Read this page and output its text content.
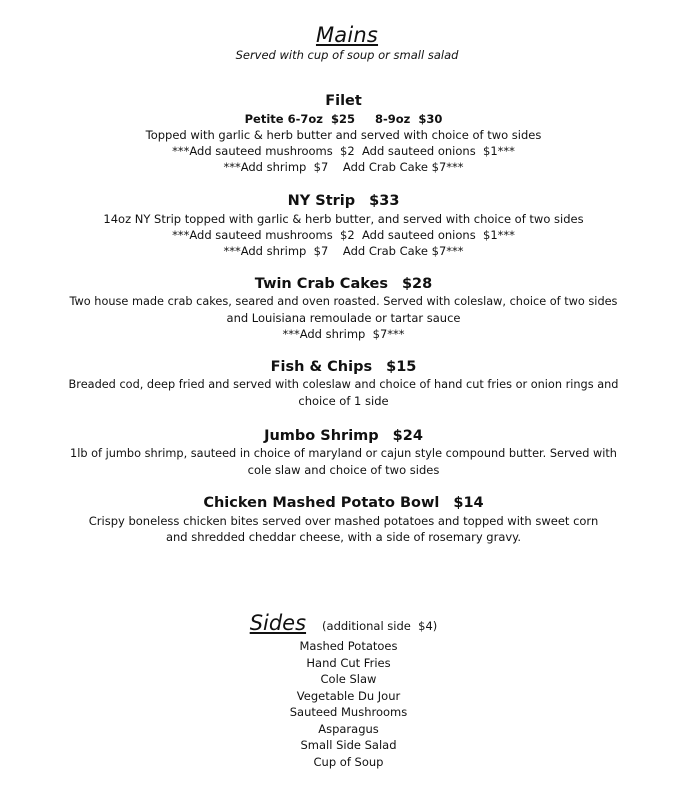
Mains

Served with cup of soup or small salad

Filet

Petite 6-7oz  $25     8-9oz  $30

Topped with garlic & herb butter and served with choice of two sides

***Add sauteed mushrooms  $2  Add sauteed onions  $1***

***Add shrimp  $7    Add Crab Cake $7***

NY Strip $33

14oz NY Strip topped with garlic & herb butter, and served with choice of two sides

***Add sauteed mushrooms  $2  Add sauteed onions  $1***

***Add shrimp  $7    Add Crab Cake $7***

Twin Crab Cakes $28

Two house made crab cakes, seared and oven roasted. Served with coleslaw, choice of two sides

and Louisiana remoulade or tartar sauce

***Add shrimp  $7***

Fish & Chips $15

Breaded cod, deep fried and served with coleslaw and choice of hand cut fries or onion rings and

choice of 1 side

Jumbo Shrimp $24

1lb of jumbo shrimp, sauteed in choice of maryland or cajun style compound butter. Served with

cole slaw and choice of two sides

Chicken Mashed Potato Bowl $14

Crispy boneless chicken bites served over mashed potatoes and topped with sweet corn

and shredded cheddar cheese, with a side of rosemary gravy.

Sides (additional side  $4)

Mashed Potatoes

Hand Cut Fries

Cole Slaw

Vegetable Du Jour

Sauteed Mushrooms

Asparagus

Small Side Salad

Cup of Soup
